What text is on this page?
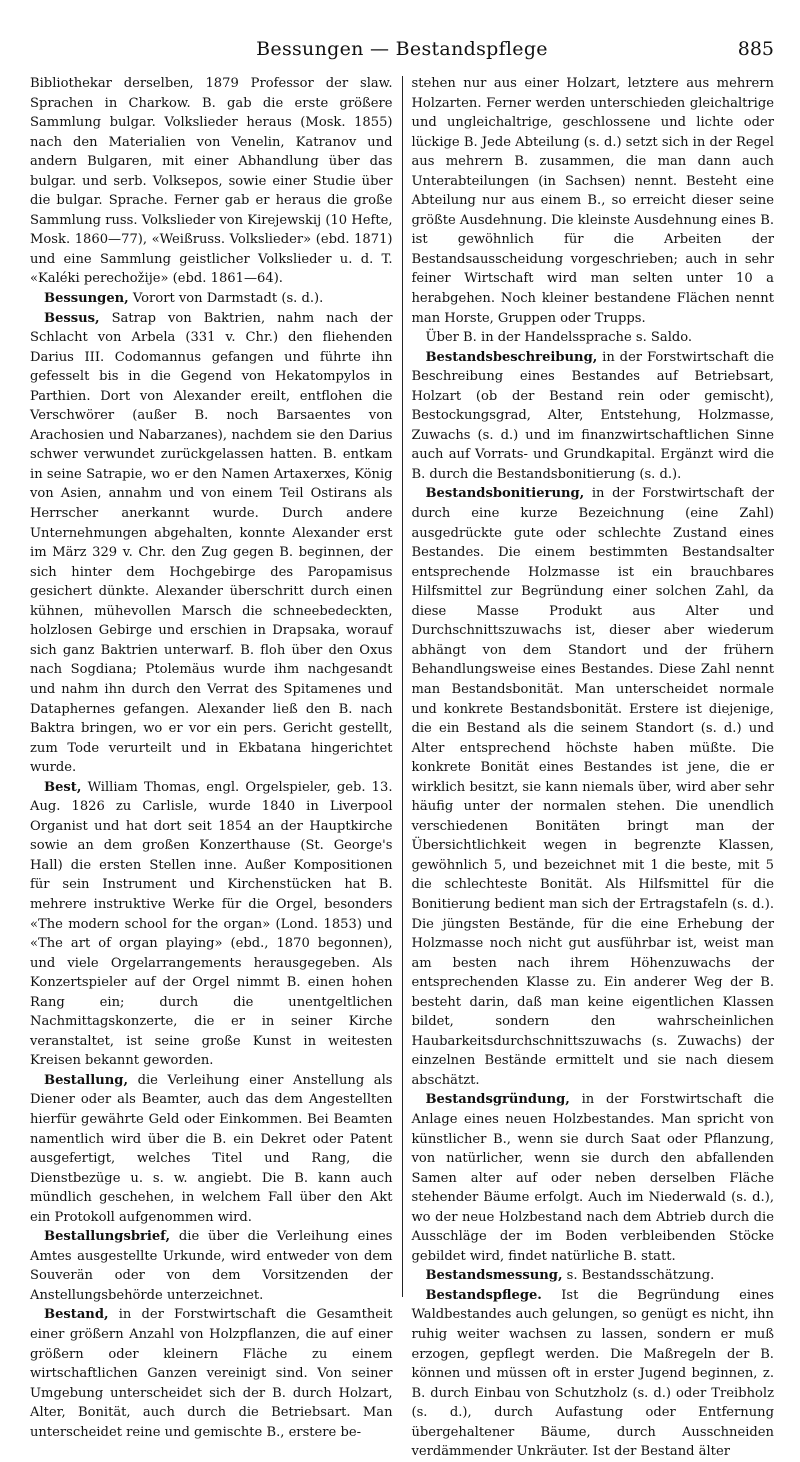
Bessungen — Bestandspflege	885

Bibliothekar derselben, 1879 Professor der slaw. Sprachen in Charkow. B. gab die erste größere Sammlung bulgar. Volkslieder heraus (Mosk. 1855) nach den Materialien von Venelin, Katranov und andern Bulgaren, mit einer Abhandlung über das bulgar. und serb. Volksepos, sowie einer Studie über die bulgar. Sprache. Ferner gab er heraus die große Sammlung russ. Volkslieder von Kirejewskij (10 Hefte, Mosk. 1860—77), «Weißruss. Volkslieder» (ebd. 1871) und eine Sammlung geistlicher Volkslieder u. d. T. «Kaléki perechožije» (ebd. 1861—64).

Bessungen, Vorort von Darmstadt (s. d.).

Bessus, Satrap von Baktrien, nahm nach der Schlacht von Arbela (331 v. Chr.) den fliehenden Darius III. Codomannus gefangen und führte ihn gefesselt bis in die Gegend von Hekatompylos in Parthien. Dort von Alexander ereilt, entflohen die Verschwörer (außer B. noch Barsaentes von Arachosien und Nabarzanes), nachdem sie den Darius schwer verwundet zurückgelassen hatten. B. entkam in seine Satrapie, wo er den Namen Artaxerxes, König von Asien, annahm und von einem Teil Ostirans als Herrscher anerkannt wurde. Durch andere Unternehmungen abgehalten, konnte Alexander erst im März 329 v. Chr. den Zug gegen B. beginnen, der sich hinter dem Hochgebirge des Paropamisus gesichert dünkte. Alexander überschritt durch einen kühnen, mühevollen Marsch die schneebedeckten, holzlosen Gebirge und erschien in Drapsaka, worauf sich ganz Baktrien unterwarf. B. floh über den Oxus nach Sogdiana; Ptolemäus wurde ihm nachgesandt und nahm ihn durch den Verrat des Spitamenes und Dataphernes gefangen. Alexander ließ den B. nach Baktra bringen, wo er vor ein pers. Gericht gestellt, zum Tode verurteilt und in Ekbatana hingerichtet wurde.

Best, William Thomas, engl. Orgelspieler, geb. 13. Aug. 1826 zu Carlisle, wurde 1840 in Liverpool Organist und hat dort seit 1854 an der Hauptkirche sowie an dem großen Konzerthause (St. George's Hall) die ersten Stellen inne. Außer Kompositionen für sein Instrument und Kirchenstücken hat B. mehrere instruktive Werke für die Orgel, besonders «The modern school for the organ» (Lond. 1853) und «The art of organ playing» (ebd., 1870 begonnen), und viele Orgelarrangements herausgegeben. Als Konzertspieler auf der Orgel nimmt B. einen hohen Rang ein; durch die unentgeltlichen Nachmittagskonzerte, die er in seiner Kirche veranstaltet, ist seine große Kunst in weitesten Kreisen bekannt geworden.

Bestallung, die Verleihung einer Anstellung als Diener oder als Beamter, auch das dem Angestellten hierfür gewährte Geld oder Einkommen. Bei Beamten namentlich wird über die B. ein Dekret oder Patent ausgefertigt, welches Titel und Rang, die Dienstbezüge u. s. w. angiebt. Die B. kann auch mündlich geschehen, in welchem Fall über den Akt ein Protokoll aufgenommen wird.

Bestallungsbrief, die über die Verleihung eines Amtes ausgestellte Urkunde, wird entweder von dem Souverän oder von dem Vorsitzenden der Anstellungsbehörde unterzeichnet.

Bestand, in der Forstwirtschaft die Gesamtheit einer größern Anzahl von Holzpflanzen, die auf einer größern oder kleinern Fläche zu einem wirtschaftlichen Ganzen vereinigt sind. Von seiner Umgebung unterscheidet sich der B. durch Holzart, Alter, Bonität, auch durch die Betriebsart. Man unterscheidet reine und gemischte B., erstere be-

stehen nur aus einer Holzart, letztere aus mehrern Holzarten. Ferner werden unterschieden gleichaltrige und ungleichaltrige, geschlossene und lichte oder lückige B. Jede Abteilung (s. d.) setzt sich in der Regel aus mehrern B. zusammen, die man dann auch Unterabteilungen (in Sachsen) nennt. Besteht eine Abteilung nur aus einem B., so erreicht dieser seine größte Ausdehnung. Die kleinste Ausdehnung eines B. ist gewöhnlich für die Arbeiten der Bestandsausscheidung vorgeschrieben; auch in sehr feiner Wirtschaft wird man selten unter 10 a herabgehen. Noch kleiner bestandene Flächen nennt man Horste, Gruppen oder Trupps.

Über B. in der Handelssprache s. Saldo.

Bestandsbeschreibung, in der Forstwirtschaft die Beschreibung eines Bestandes auf Betriebsart, Holzart (ob der Bestand rein oder gemischt), Bestockungsgrad, Alter, Entstehung, Holzmasse, Zuwachs (s. d.) und im finanzwirtschaftlichen Sinne auch auf Vorrats- und Grundkapital. Ergänzt wird die B. durch die Bestandsbonitierung (s. d.).

Bestandsbonitierung, in der Forstwirtschaft der durch eine kurze Bezeichnung (eine Zahl) ausgedrückte gute oder schlechte Zustand eines Bestandes. Die einem bestimmten Bestandsalter entsprechende Holzmasse ist ein brauchbares Hilfsmittel zur Begründung einer solchen Zahl, da diese Masse Produkt aus Alter und Durchschnittszuwachs ist, dieser aber wiederum abhängt von dem Standort und der frühern Behandlungsweise eines Bestandes. Diese Zahl nennt man Bestandsbonität. Man unterscheidet normale und konkrete Bestandsbonität. Erstere ist diejenige, die ein Bestand als die seinem Standort (s. d.) und Alter entsprechend höchste haben müßte. Die konkrete Bonität eines Bestandes ist jene, die er wirklich besitzt, sie kann niemals über, wird aber sehr häufig unter der normalen stehen. Die unendlich verschiedenen Bonitäten bringt man der Übersichtlichkeit wegen in begrenzte Klassen, gewöhnlich 5, und bezeichnet mit 1 die beste, mit 5 die schlechteste Bonität. Als Hilfsmittel für die Bonitierung bedient man sich der Ertragstafeln (s. d.). Die jüngsten Bestände, für die eine Erhebung der Holzmasse noch nicht gut ausführbar ist, weist man am besten nach ihrem Höhenzuwachs der entsprechenden Klasse zu. Ein anderer Weg der B. besteht darin, daß man keine eigentlichen Klassen bildet, sondern den wahrscheinlichen Haubarkeitsdurchschnittszuwachs (s. Zuwachs) der einzelnen Bestände ermittelt und sie nach diesem abschätzt.

Bestandsgründung, in der Forstwirtschaft die Anlage eines neuen Holzbestandes. Man spricht von künstlicher B., wenn sie durch Saat oder Pflanzung, von natürlicher, wenn sie durch den abfallenden Samen alter auf oder neben derselben Fläche stehender Bäume erfolgt. Auch im Niederwald (s. d.), wo der neue Holzbestand nach dem Abtrieb durch die Ausschläge der im Boden verbleibenden Stöcke gebildet wird, findet natürliche B. statt.

Bestandsmessung, s. Bestandsschätzung.

Bestandspflege. Ist die Begründung eines Waldbestandes auch gelungen, so genügt es nicht, ihn ruhig weiter wachsen zu lassen, sondern er muß erzogen, gepflegt werden. Die Maßregeln der B. können und müssen oft in erster Jugend beginnen, z. B. durch Einbau von Schutzholz (s. d.) oder Treibholz (s. d.), durch Aufastung oder Entfernung übergehaltener Bäume, durch Ausschneiden verdämmender Unkräuter. Ist der Bestand älter
